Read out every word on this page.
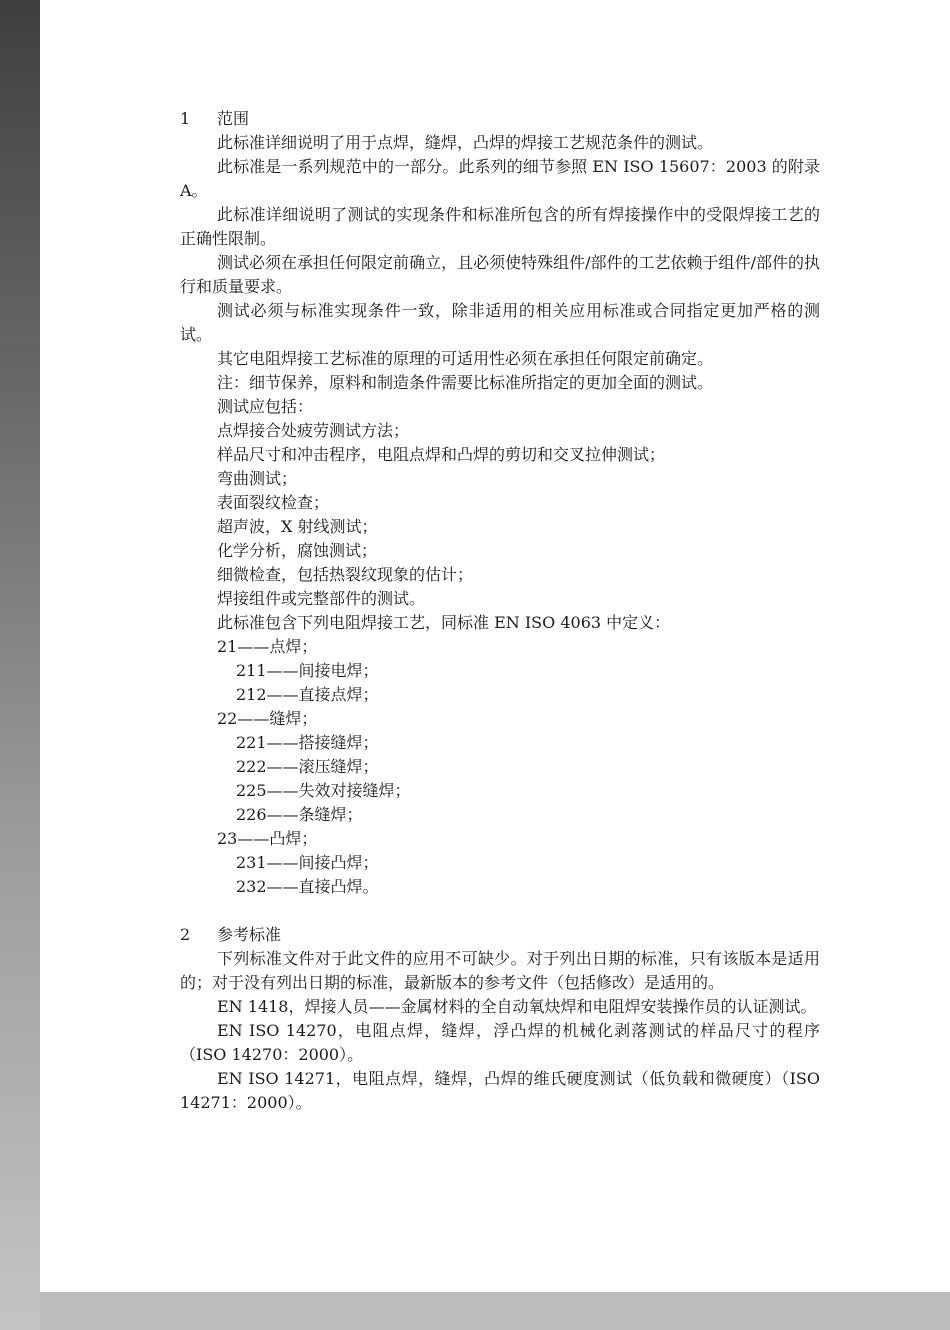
1 范围

此标准详细说明了用于点焊，缝焊，凸焊的焊接工艺规范条件的测试。

此标准是一系列规范中的一部分。此系列的细节参照 EN ISO 15607：2003 的附录 A。

此标准详细说明了测试的实现条件和标准所包含的所有焊接操作中的受限焊接工艺的正确性限制。

测试必须在承担任何限定前确立，且必须使特殊组件/部件的工艺依赖于组件/部件的执行和质量要求。

测试必须与标准实现条件一致，除非适用的相关应用标准或合同指定更加严格的测试。

其它电阻焊接工艺标准的原理的可适用性必须在承担任何限定前确定。

注：细节保养，原料和制造条件需要比标准所指定的更加全面的测试。

测试应包括：

点焊接合处疲劳测试方法；

样品尺寸和冲击程序，电阻点焊和凸焊的剪切和交叉拉伸测试；

弯曲测试；

表面裂纹检查；

超声波，X 射线测试；

化学分析，腐蚀测试；

细微检查，包括热裂纹现象的估计；

焊接组件或完整部件的测试。

此标准包含下列电阻焊接工艺，同标准 EN ISO 4063 中定义：

21——点焊；

211——间接电焊；

212——直接点焊；

22——缝焊；

221——搭接缝焊；

222——滚压缝焊；

225——失效对接缝焊；

226——条缝焊；

23——凸焊；

231——间接凸焊；

232——直接凸焊。

2 参考标准

下列标准文件对于此文件的应用不可缺少。对于列出日期的标准，只有该版本是适用的；对于没有列出日期的标准，最新版本的参考文件（包括修改）是适用的。

EN 1418，焊接人员——金属材料的全自动氧炔焊和电阻焊安装操作员的认证测试。

EN ISO 14270，电阻点焊，缝焊，浮凸焊的机械化剥落测试的样品尺寸的程序（ISO 14270：2000）。

EN ISO 14271，电阻点焊，缝焊，凸焊的维氏硬度测试（低负载和微硬度）（ISO 14271：2000）。
